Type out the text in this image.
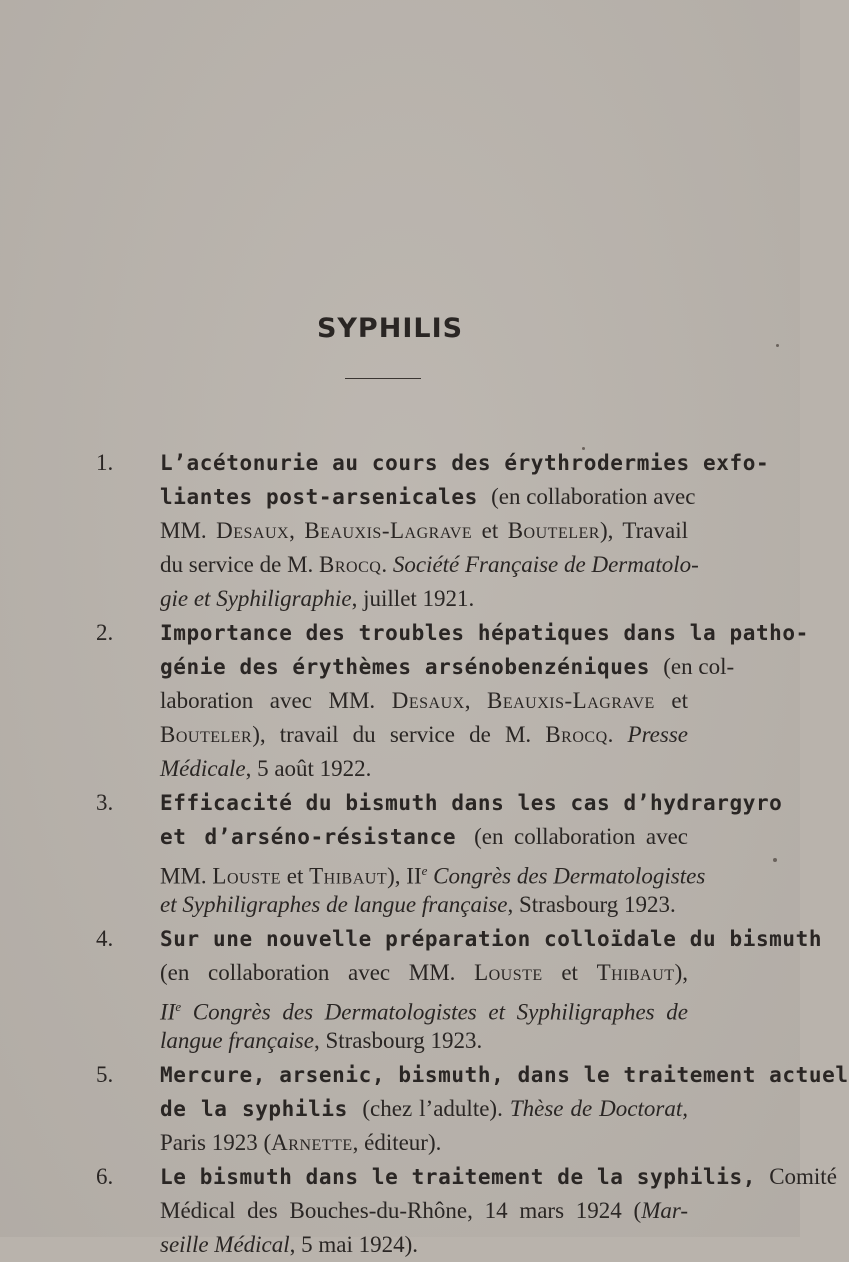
SYPHILIS
1. L’acétonurie au cours des érythrodermies exfo-
liantes post-arsenicales (en collaboration avec
MM. Desaux, Beauxis-Lagrave et Bouteler), Travail
du service de M. Brocq. Société Française de Dermatolo-
gie et Syphiligraphie, juillet 1921.
2. Importance des troubles hépatiques dans la patho-
génie des érythèmes arsénobenzéniques (en col-
laboration avec MM. Desaux, Beauxis-Lagrave et
Bouteler), travail du service de M. Brocq. Presse
Médicale, 5 août 1922.
3. Efficacité du bismuth dans les cas d’hydrargyro
et d’arséno-résistance (en collaboration avec
MM. Louste et Thibaut), IIe Congrès des Dermatologistes
et Syphiligraphes de langue française, Strasbourg 1923.
4. Sur une nouvelle préparation colloïdale du bismuth
(en collaboration avec MM. Louste et Thibaut),
IIe Congrès des Dermatologistes et Syphiligraphes de
langue française, Strasbourg 1923.
5. Mercure, arsenic, bismuth, dans le traitement actuel
de la syphilis (chez l’adulte). Thèse de Doctorat,
Paris 1923 (Arnette, éditeur).
6. Le bismuth dans le traitement de la syphilis, Comité
Médical des Bouches-du-Rhône, 14 mars 1924 (Mar-
seille Médical, 5 mai 1924).
